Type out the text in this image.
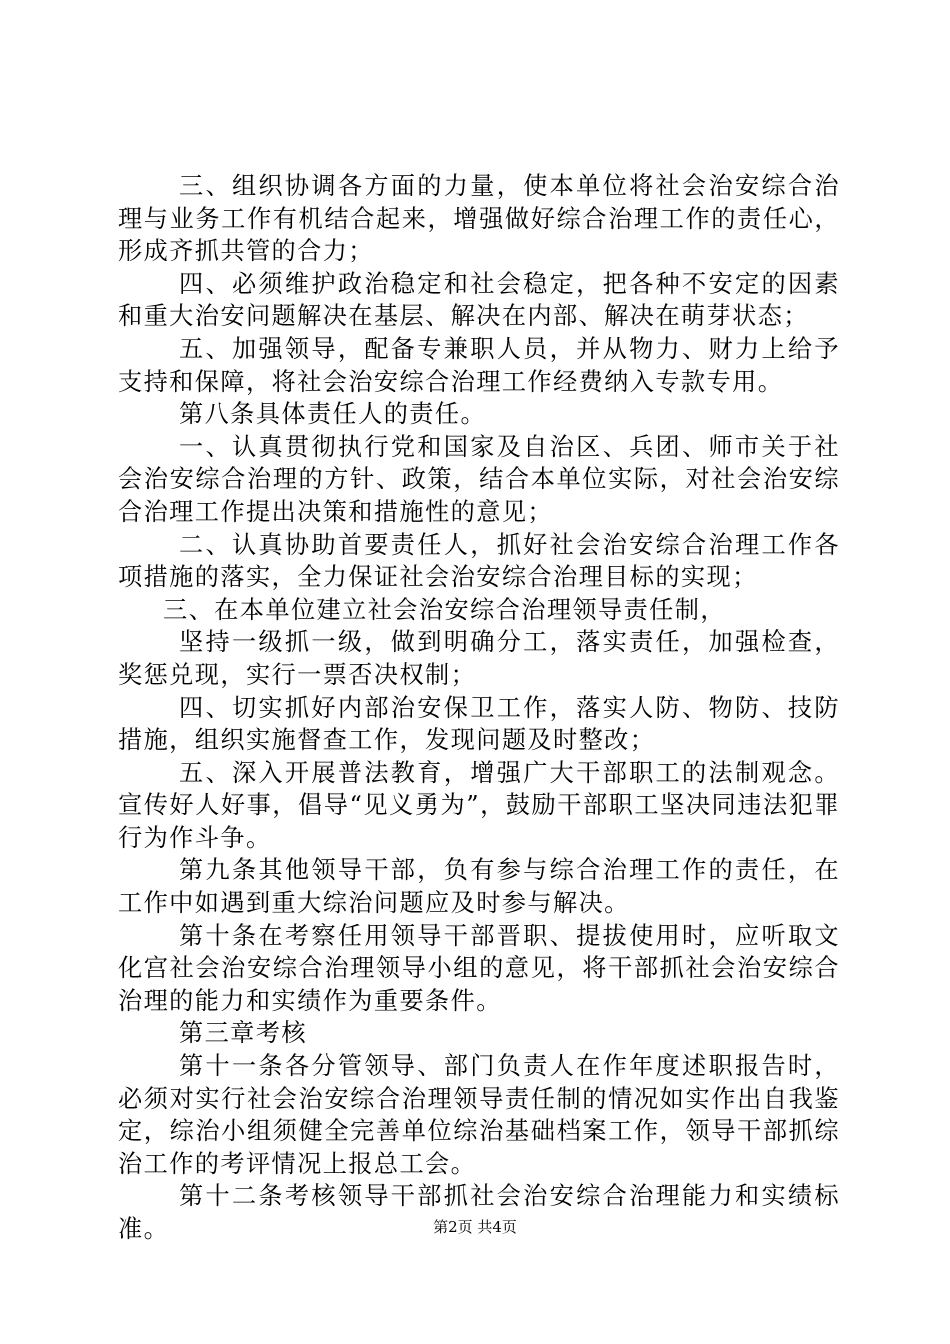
三、组织协调各方面的力量，使本单位将社会治安综合治理与业务工作有机结合起来，增强做好综合治理工作的责任心，形成齐抓共管的合力；

四、必须维护政治稳定和社会稳定，把各种不安定的因素和重大治安问题解决在基层、解决在内部、解决在萌芽状态；

五、加强领导，配备专兼职人员，并从物力、财力上给予支持和保障，将社会治安综合治理工作经费纳入专款专用。

第八条具体责任人的责任。

一、认真贯彻执行党和国家及自治区、兵团、师市关于社会治安综合治理的方针、政策，结合本单位实际，对社会治安综合治理工作提出决策和措施性的意见；

二、认真协助首要责任人，抓好社会治安综合治理工作各项措施的落实，全力保证社会治安综合治理目标的实现；

三、在本单位建立社会治安综合治理领导责任制，

坚持一级抓一级，做到明确分工，落实责任，加强检查，奖惩兑现，实行一票否决权制；

四、切实抓好内部治安保卫工作，落实人防、物防、技防措施，组织实施督查工作，发现问题及时整改；

五、深入开展普法教育，增强广大干部职工的法制观念。宣传好人好事，倡导“见义勇为”，鼓励干部职工坚决同违法犯罪行为作斗争。

第九条其他领导干部，负有参与综合治理工作的责任，在工作中如遇到重大综治问题应及时参与解决。

第十条在考察任用领导干部晋职、提拔使用时，应听取文化宫社会治安综合治理领导小组的意见，将干部抓社会治安综合治理的能力和实绩作为重要条件。

第三章考核

第十一条各分管领导、部门负责人在作年度述职报告时，必须对实行社会治安综合治理领导责任制的情况如实作出自我鉴定，综治小组须健全完善单位综治基础档案工作，领导干部抓综治工作的考评情况上报总工会。

第十二条考核领导干部抓社会治安综合治理能力和实绩标准。	第2页 共4页
